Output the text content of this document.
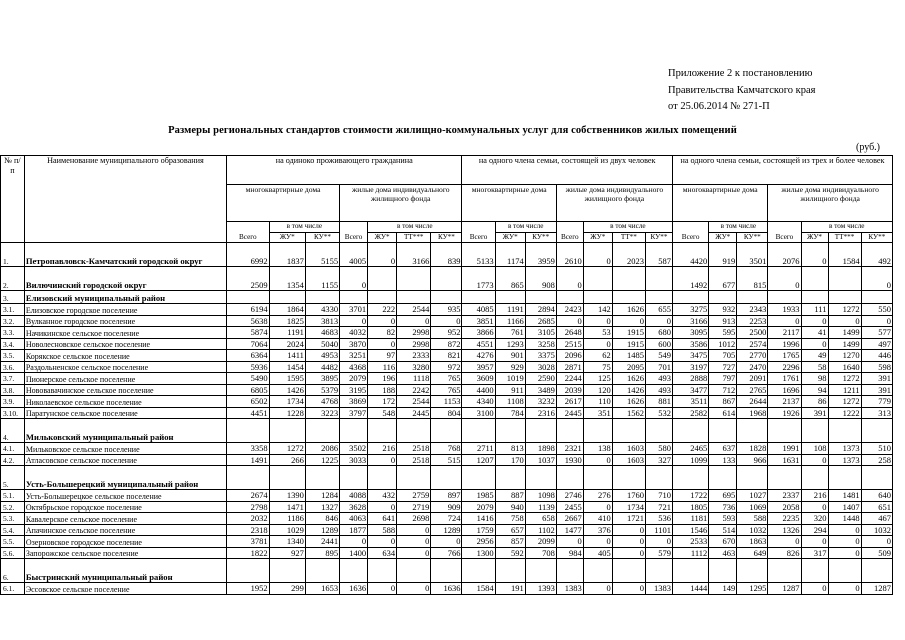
Приложение 2 к постановлению
Правительства Камчатского края
от 25.06.2014 № 271-П
Размеры региональных стандартов стоимости жилищно-коммунальных услуг для собственников жилых помещений
(руб.)
№ п/п	Наименование муниципального образования	на одиноко проживающего гражданина							на одного члена семьи, состоящей из двух человек							на одного члена семьи, состоящей из трех и более человек						
		многоквартирные дома			жилые дома индивидуального жилищного фонда				многоквартирные дома			жилые дома индивидуального жилищного фонда				многоквартирные дома			жилые дома индивидуального жилищного фонда			
		Всего	в том числе		Всего	в том числе			Всего	в том числе		Всего	в том числе			Всего	в том числе		Всего	в том числе		
			ЖУ*	КУ**		ЖУ*	ТТ***	КУ**		ЖУ*	КУ**		ЖУ*	ТТ**	КУ**		ЖУ*	КУ**		ЖУ*	ТТ***	КУ**
1.	Петропавловск-Камчатский городской округ	6992	1837	5155	4005	0	3166	839	5133	1174	3959	2610	0	2023	587	4420	919	3501	2076	0	1584	492
2.	Вилючинский городской округ	2509	1354	1155	0				1773	865	908	0				1492	677	815	0			0
3.	Елизовский муниципальный район																					
3.1.	Елизовское городское поселение	6194	1864	4330	3701	222	2544	935	4085	1191	2894	2423	142	1626	655	3275	932	2343	1933	111	1272	550
3.2.	Вулканное городское поселение	5638	1825	3813	0	0	0	0	3851	1166	2685	0	0	0	0	3166	913	2253	0	0	0	0
3.3.	Начикинское сельское поселение	5874	1191	4683	4032	82	2998	952	3866	761	3105	2648	53	1915	680	3095	595	2500	2117	41	1499	577
3.4.	Новолесновское сельское поселение	7064	2024	5040	3870	0	2998	872	4551	1293	3258	2515	0	1915	600	3586	1012	2574	1996	0	1499	497
3.5.	Корякское сельское поселение	6364	1411	4953	3251	97	2333	821	4276	901	3375	2096	62	1485	549	3475	705	2770	1765	49	1270	446
3.6.	Раздольненское сельское поселение	5936	1454	4482	4368	116	3280	972	3957	929	3028	2871	75	2095	701	3197	727	2470	2296	58	1640	598
3.7.	Пионерское сельское поселение	5490	1595	3895	2079	196	1118	765	3609	1019	2590	2244	125	1626	493	2888	797	2091	1761	98	1272	391
3.8.	Нововавачинское сельское поселение	6805	1426	5379	3195	188	2242	765	4400	911	3489	2039	120	1426	493	3477	712	2765	1696	94	1211	391
3.9.	Николаевское сельское поселение	6502	1734	4768	3869	172	2544	1153	4340	1108	3232	2617	110	1626	881	3511	867	2644	2137	86	1272	779
3.10.	Паратунское сельское поселение	4451	1228	3223	3797	548	2445	804	3100	784	2316	2445	351	1562	532	2582	614	1968	1926	391	1222	313
4.	Мильковский муниципальный район																					
4.1.	Мильковское сельское поселение	3358	1272	2086	3502	216	2518	768	2711	813	1898	2321	138	1603	580	2465	637	1828	1991	108	1373	510
4.2.	Атласовское сельское поселение	1491	266	1225	3033	0	2518	515	1207	170	1037	1930	0	1603	327	1099	133	966	1631	0	1373	258
5.	Усть-Большерецкий муниципальный район																					
5.1.	Усть-Большерецкое сельское поселение	2674	1390	1284	4088	432	2759	897	1985	887	1098	2746	276	1760	710	1722	695	1027	2337	216	1481	640
5.2.	Октябрьское городское поселение	2798	1471	1327	3628	0	2719	909	2079	940	1139	2455	0	1734	721	1805	736	1069	2058	0	1407	651
5.3.	Кавалерское сельское поселение	2032	1186	846	4063	641	2698	724	1416	758	658	2667	410	1721	536	1181	593	588	2235	320	1448	467
5.4.	Апачинское сельское поселение	2318	1029	1289	1877	588	0	1289	1759	657	1102	1477	376	0	1101	1546	514	1032	1326	294	0	1032
5.5.	Озерновское городское поселение	3781	1340	2441	0	0	0	0	2956	857	2099	0	0	0	0	2533	670	1863	0	0	0	0
5.6.	Запорожское сельское поселение	1822	927	895	1400	634	0	766	1300	592	708	984	405	0	579	1112	463	649	826	317	0	509
6.	Быстринский муниципальный район																					
6.1.	Эссовское сельское поселение	1952	299	1653	1636	0	0	1636	1584	191	1393	1383	0	0	1383	1444	149	1295	1287	0	0	1287
